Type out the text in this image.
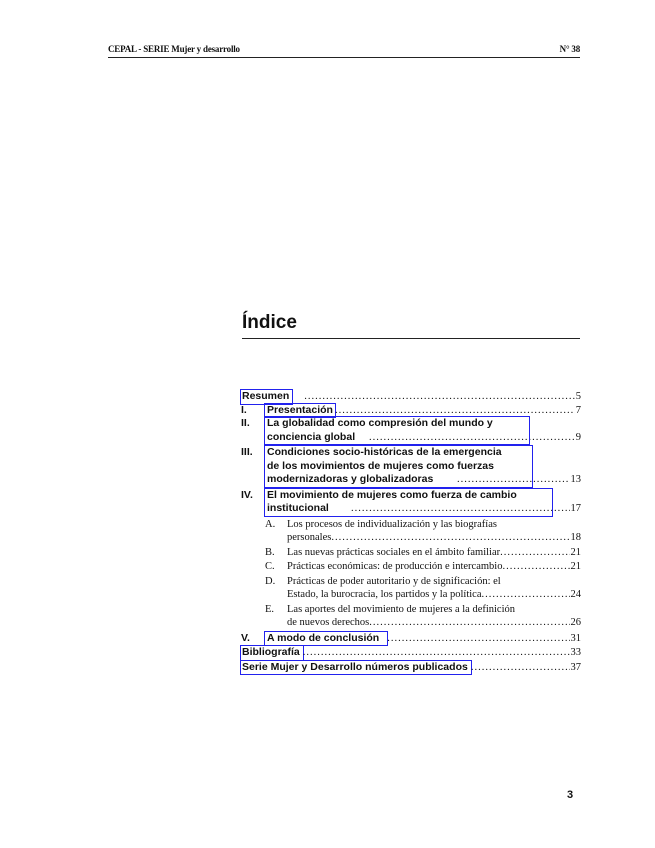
CEPAL - SERIE Mujer y desarrollo	N° 38
Índice
Resumen .....	5
I.	Presentación .....	7
II.	La globalidad como compresión del mundo y
conciencia global .....	9
III.	Condiciones socio-históricas de la emergencia
de los movimientos de mujeres como fuerzas
modernizadoras y globalizadoras .....	13
IV.	El movimiento de mujeres como fuerza de cambio
institucional .....	17
A.	Los procesos de individualización y las biografías
personales .....	18
B.	Las nuevas prácticas sociales en el ámbito familiar .....	21
C.	Prácticas económicas: de producción e intercambio .....	21
D.	Prácticas de poder autoritario y de significación: el
Estado, la burocracia, los partidos y la política .....	24
E.	Las aportes del movimiento de mujeres a la definición
de nuevos derechos .....	26
V.	A modo de conclusión .....	31
Bibliografía .....	33
Serie Mujer y Desarrollo números publicados .....	37
3
